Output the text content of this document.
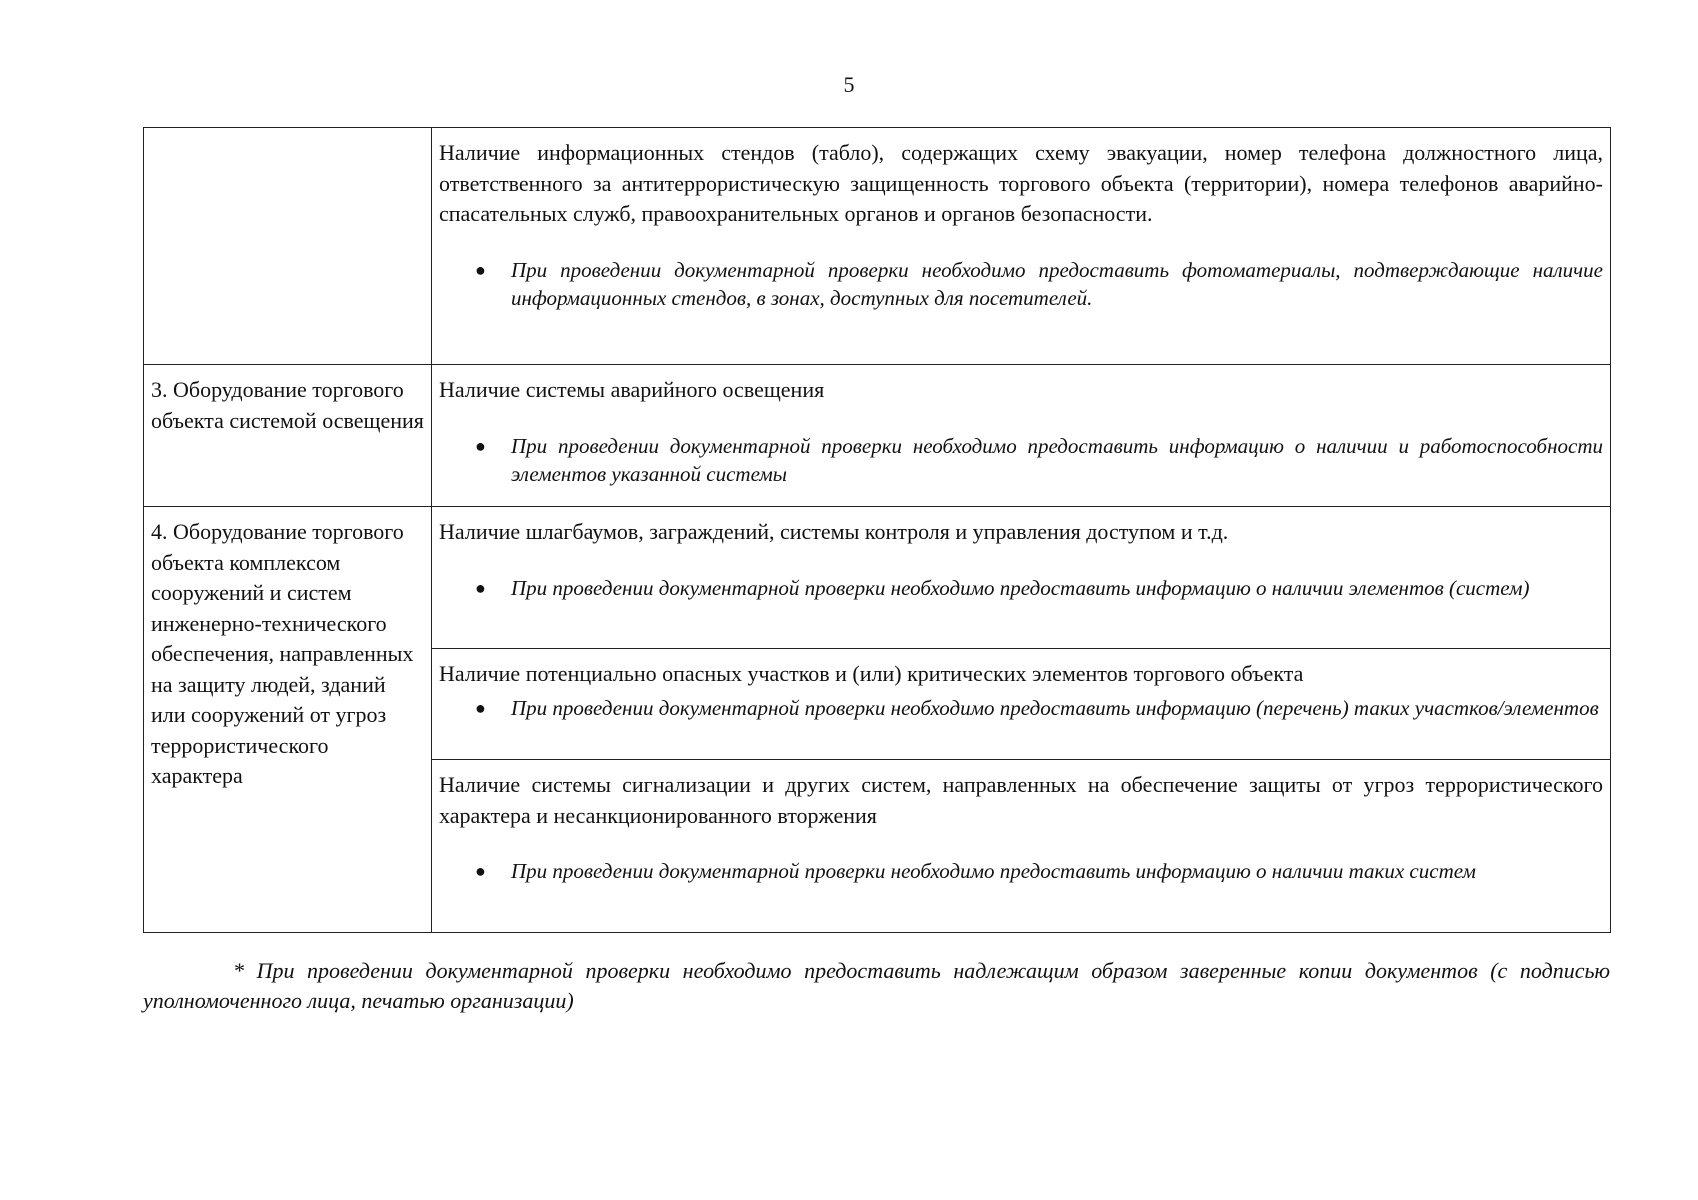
5

	Наличие информационных стендов (табло), содержащих схему эвакуации, номер телефона должностного лица, ответственного за антитеррористическую защищенность торгового объекта (территории), номера телефонов аварийно-спасательных служб, правоохранительных органов и органов безопасности.

● При проведении документарной проверки необходимо предоставить фотоматериалы, подтверждающие наличие информационных стендов, в зонах, доступных для посетителей.

3. Оборудование торгового объекта системой освещения	Наличие системы аварийного освещения

● При проведении документарной проверки необходимо предоставить информацию о наличии и работоспособности элементов указанной системы

4. Оборудование торгового объекта комплексом сооружений и систем инженерно-технического обеспечения, направленных на защиту людей, зданий или сооружений от угроз террористического характера	Наличие шлагбаумов, заграждений, системы контроля и управления доступом и т.д.

● При проведении документарной проверки необходимо предоставить информацию о наличии элементов (систем)

	Наличие потенциально опасных участков и (или) критических элементов торгового объекта

● При проведении документарной проверки необходимо предоставить информацию (перечень) таких участков/элементов

	Наличие системы сигнализации и других систем, направленных на обеспечение защиты от угроз террористического характера и несанкционированного вторжения

● При проведении документарной проверки необходимо предоставить информацию о наличии таких систем

* При проведении документарной проверки необходимо предоставить надлежащим образом заверенные копии документов (с подписью уполномоченного лица, печатью организации)
